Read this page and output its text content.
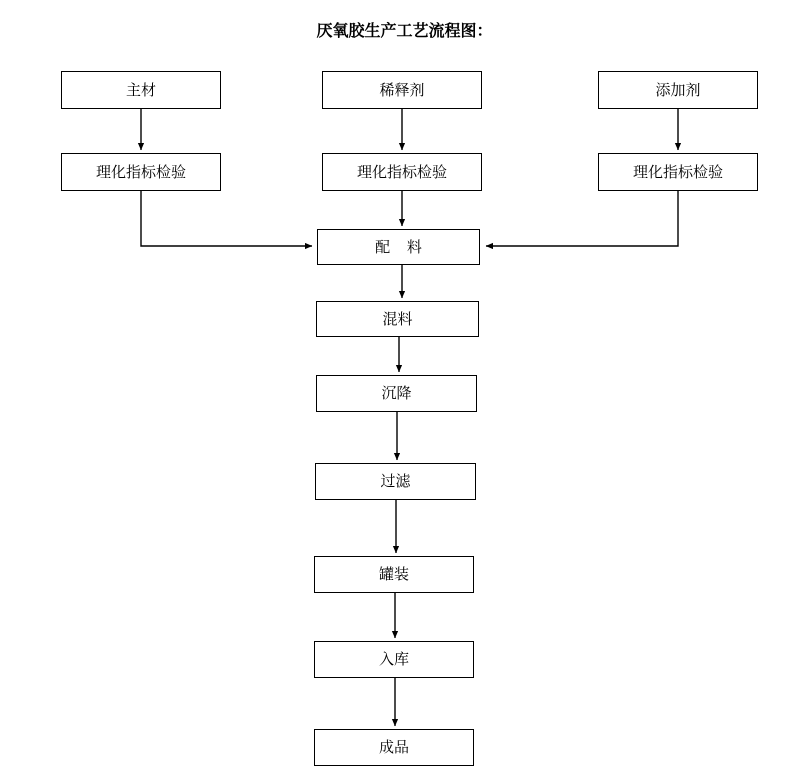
厌氧胶生产工艺流程图：
主材	稀释剂	添加剂
理化指标检验	理化指标检验	理化指标检验
配 料
混料
沉降
过滤
罐装
入库
成品
